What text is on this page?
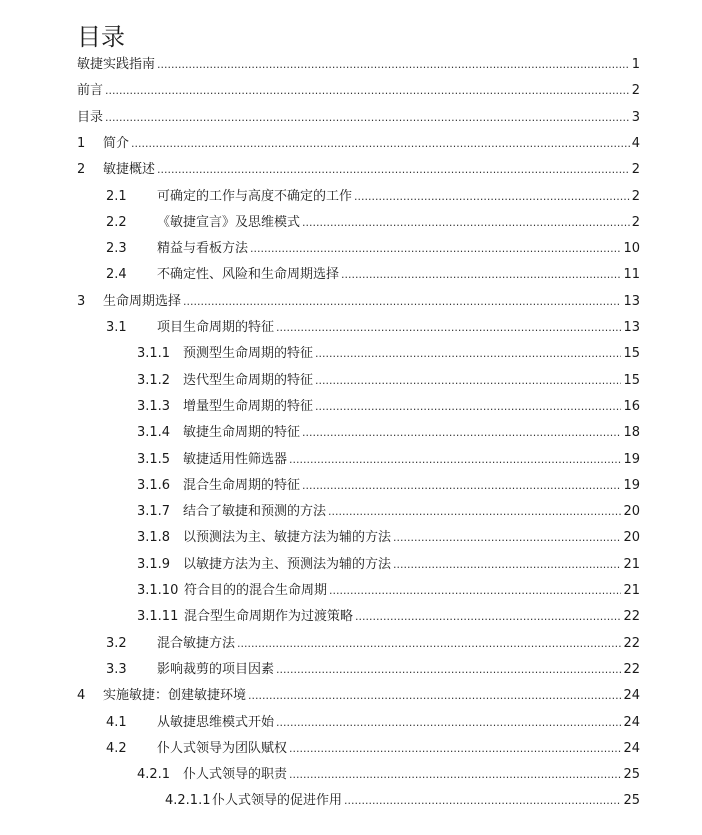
目录
敏捷实践指南 .....	1
前言 .....	2
目录 .....	3
1	简介 .....	4
2	敏捷概述 .....	2
2.1	可确定的工作与高度不确定的工作 .....	2
2.2	《敏捷宣言》及思维模式 .....	2
2.3	精益与看板方法 .....	10
2.4	不确定性、风险和生命周期选择 .....	11
3	生命周期选择 .....	13
3.1	项目生命周期的特征 .....	13
3.1.1 预测型生命周期的特征 .....	15
3.1.2 迭代型生命周期的特征 .....	15
3.1.3 增量型生命周期的特征 .....	16
3.1.4 敏捷生命周期的特征 .....	18
3.1.5 敏捷适用性筛选器 .....	19
3.1.6 混合生命周期的特征 .....	19
3.1.7 结合了敏捷和预测的方法 .....	20
3.1.8 以预测法为主、敏捷方法为辅的方法 .....	20
3.1.9 以敏捷方法为主、预测法为辅的方法 .....	21
3.1.10 符合目的的混合生命周期 .....	21
3.1.11 混合型生命周期作为过渡策略 .....	22
3.2	混合敏捷方法 .....	22
3.3	影响裁剪的项目因素 .....	22
4	实施敏捷：创建敏捷环境 .....	24
4.1	从敏捷思维模式开始 .....	24
4.2	仆人式领导为团队赋权 .....	24
4.2.1 仆人式领导的职责 .....	25
4.2.1.1 仆人式领导的促进作用 .....	25
